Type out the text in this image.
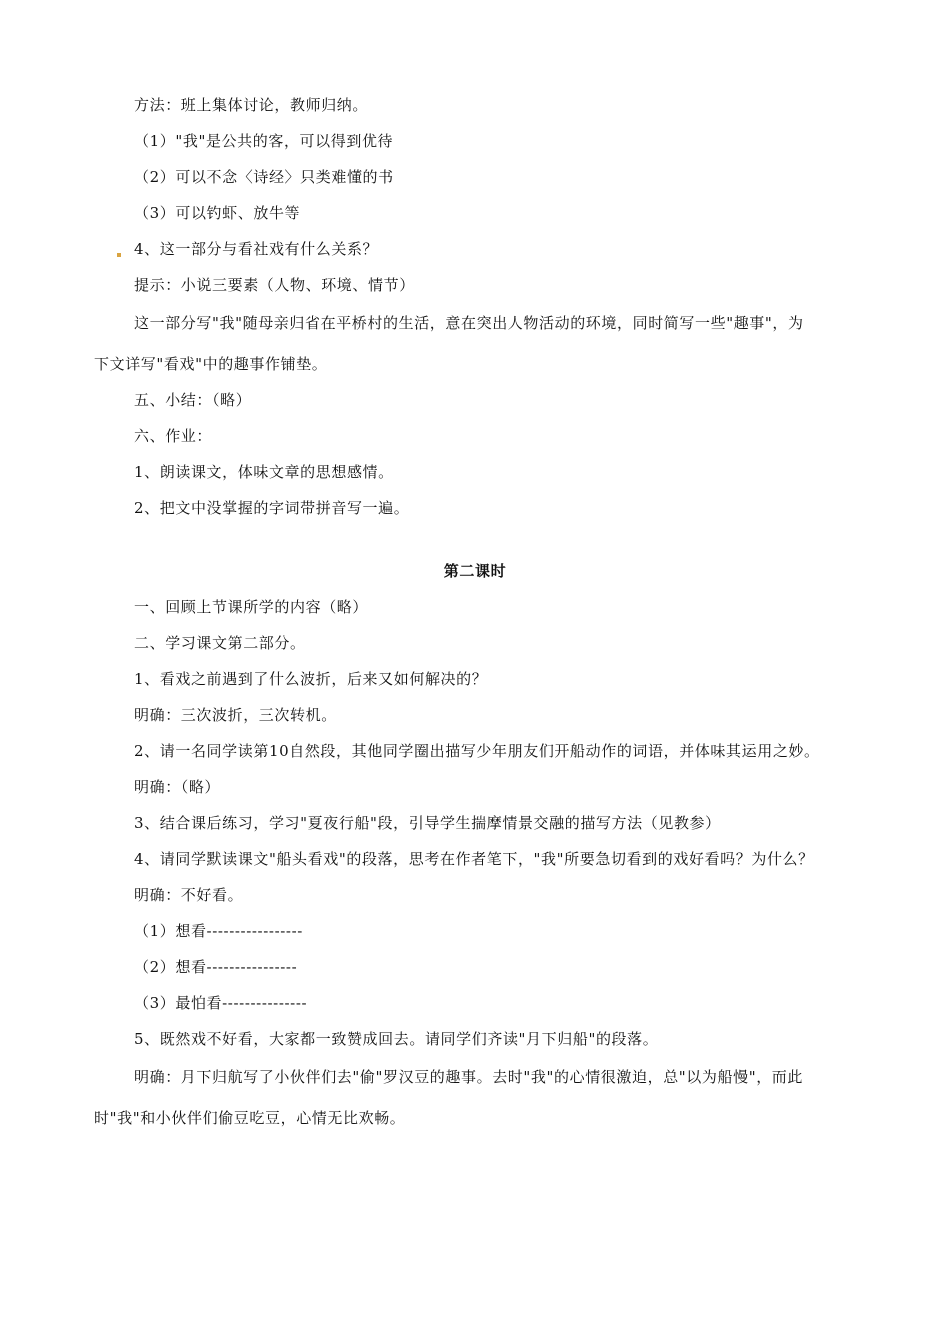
方法：班上集体讨论，教师归纳。
（1）"我"是公共的客，可以得到优待
（2）可以不念〈诗经〉只类难懂的书
（3）可以钓虾、放牛等
4、这一部分与看社戏有什么关系？
提示：小说三要素（人物、环境、情节）
这一部分写"我"随母亲归省在平桥村的生活，意在突出人物活动的环境，同时简写一些"趣事"，为
下文详写"看戏"中的趣事作铺垫。
五、小结：（略）
六、作业：
1、朗读课文，体味文章的思想感情。
2、把文中没掌握的字词带拼音写一遍。
第二课时
一、回顾上节课所学的内容（略）
二、学习课文第二部分。
1、看戏之前遇到了什么波折，后来又如何解决的？
明确：三次波折，三次转机。
2、请一名同学读第10自然段，其他同学圈出描写少年朋友们开船动作的词语，并体味其运用之妙。
明确：（略）
3、结合课后练习，学习"夏夜行船"段，引导学生揣摩情景交融的描写方法（见教参）
4、请同学默读课文"船头看戏"的段落，思考在作者笔下，"我"所要急切看到的戏好看吗？为什么？
明确：不好看。
（1）想看-----------------
（2）想看----------------
（3）最怕看---------------
5、既然戏不好看，大家都一致赞成回去。请同学们齐读"月下归船"的段落。
明确：月下归航写了小伙伴们去"偷"罗汉豆的趣事。去时"我"的心情很激迫，总"以为船慢"，而此
时"我"和小伙伴们偷豆吃豆，心情无比欢畅。
